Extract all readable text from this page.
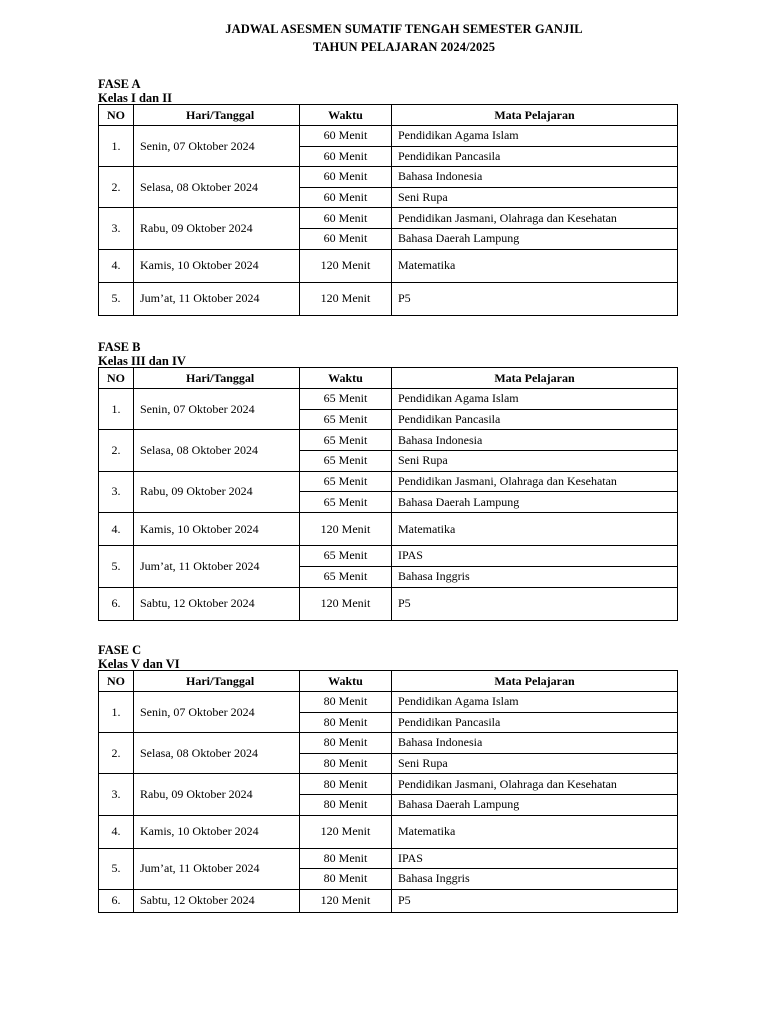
JADWAL ASESMEN SUMATIF TENGAH SEMESTER GANJIL
TAHUN PELAJARAN 2024/2025
FASE A
Kelas I dan II
NO	Hari/Tanggal	Waktu	Mata Pelajaran
1.	Senin, 07 Oktober 2024	60 Menit	Pendidikan Agama Islam
		60 Menit	Pendidikan Pancasila
2.	Selasa, 08 Oktober 2024	60 Menit	Bahasa Indonesia
		60 Menit	Seni Rupa
3.	Rabu, 09 Oktober 2024	60 Menit	Pendidikan Jasmani, Olahraga dan Kesehatan
		60 Menit	Bahasa Daerah Lampung
4.	Kamis, 10 Oktober 2024	120 Menit	Matematika
5.	Jum’at, 11 Oktober 2024	120 Menit	P5
FASE B
Kelas III dan IV
NO	Hari/Tanggal	Waktu	Mata Pelajaran
1.	Senin, 07 Oktober 2024	65 Menit	Pendidikan Agama Islam
		65 Menit	Pendidikan Pancasila
2.	Selasa, 08 Oktober 2024	65 Menit	Bahasa Indonesia
		65 Menit	Seni Rupa
3.	Rabu, 09 Oktober 2024	65 Menit	Pendidikan Jasmani, Olahraga dan Kesehatan
		65 Menit	Bahasa Daerah Lampung
4.	Kamis, 10 Oktober 2024	120 Menit	Matematika
5.	Jum’at, 11 Oktober 2024	65 Menit	IPAS
		65 Menit	Bahasa Inggris
6.	Sabtu, 12 Oktober 2024	120 Menit	P5
FASE C
Kelas V dan VI
NO	Hari/Tanggal	Waktu	Mata Pelajaran
1.	Senin, 07 Oktober 2024	80 Menit	Pendidikan Agama Islam
		80 Menit	Pendidikan Pancasila
2.	Selasa, 08 Oktober 2024	80 Menit	Bahasa Indonesia
		80 Menit	Seni Rupa
3.	Rabu, 09 Oktober 2024	80 Menit	Pendidikan Jasmani, Olahraga dan Kesehatan
		80 Menit	Bahasa Daerah Lampung
4.	Kamis, 10 Oktober 2024	120 Menit	Matematika
5.	Jum’at, 11 Oktober 2024	80 Menit	IPAS
		80 Menit	Bahasa Inggris
6.	Sabtu, 12 Oktober 2024	120 Menit	P5
